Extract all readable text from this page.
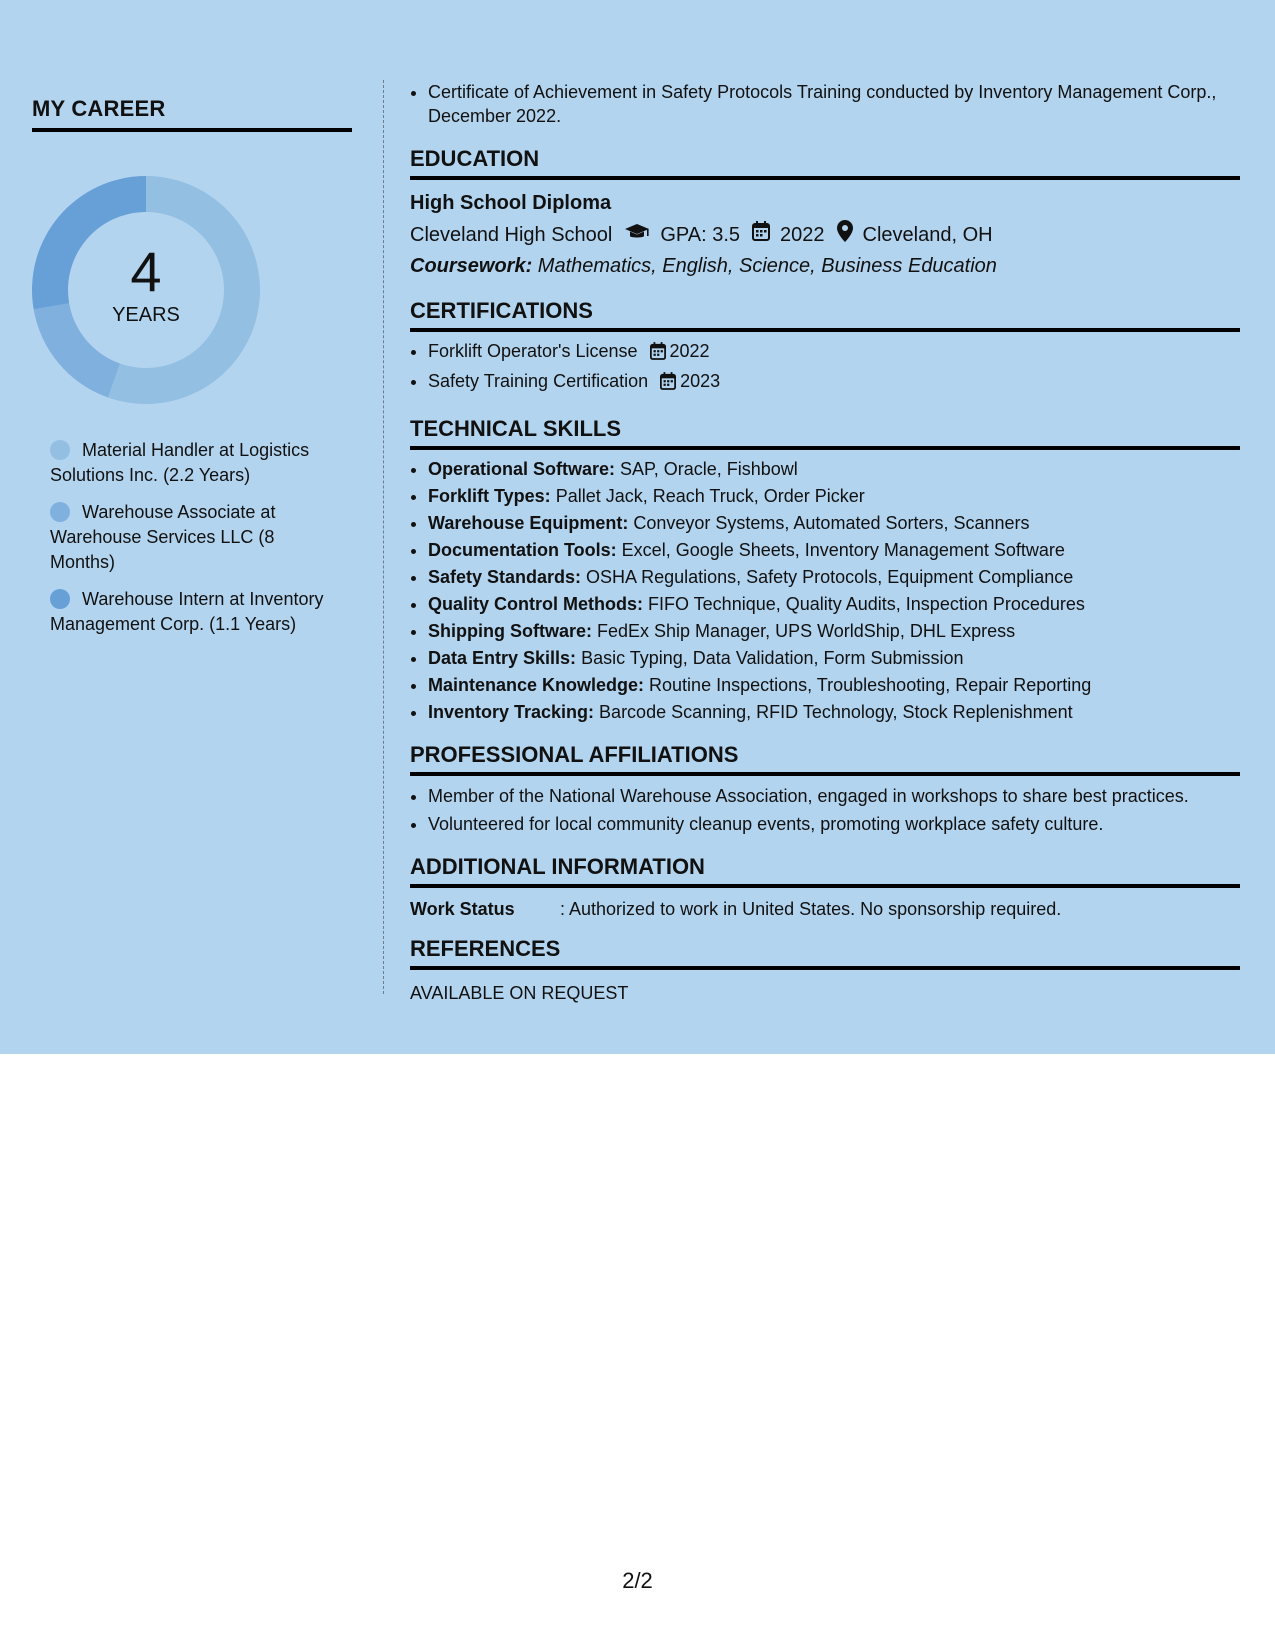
MY CAREER
4
YEARS
Material Handler at Logistics Solutions Inc. (2.2 Years)
Warehouse Associate at Warehouse Services LLC (8 Months)
Warehouse Intern at Inventory Management Corp. (1.1 Years)
• Certificate of Achievement in Safety Protocols Training conducted by Inventory Management Corp., December 2022.
EDUCATION
High School Diploma
Cleveland High School GPA: 3.5 2022 Cleveland, OH
Coursework: Mathematics, English, Science, Business Education
CERTIFICATIONS
• Forklift Operator's License 2022
• Safety Training Certification 2023
TECHNICAL SKILLS
• Operational Software: SAP, Oracle, Fishbowl
• Forklift Types: Pallet Jack, Reach Truck, Order Picker
• Warehouse Equipment: Conveyor Systems, Automated Sorters, Scanners
• Documentation Tools: Excel, Google Sheets, Inventory Management Software
• Safety Standards: OSHA Regulations, Safety Protocols, Equipment Compliance
• Quality Control Methods: FIFO Technique, Quality Audits, Inspection Procedures
• Shipping Software: FedEx Ship Manager, UPS WorldShip, DHL Express
• Data Entry Skills: Basic Typing, Data Validation, Form Submission
• Maintenance Knowledge: Routine Inspections, Troubleshooting, Repair Reporting
• Inventory Tracking: Barcode Scanning, RFID Technology, Stock Replenishment
PROFESSIONAL AFFILIATIONS
• Member of the National Warehouse Association, engaged in workshops to share best practices.
• Volunteered for local community cleanup events, promoting workplace safety culture.
ADDITIONAL INFORMATION
Work Status	: Authorized to work in United States. No sponsorship required.
REFERENCES
AVAILABLE ON REQUEST
2/2
